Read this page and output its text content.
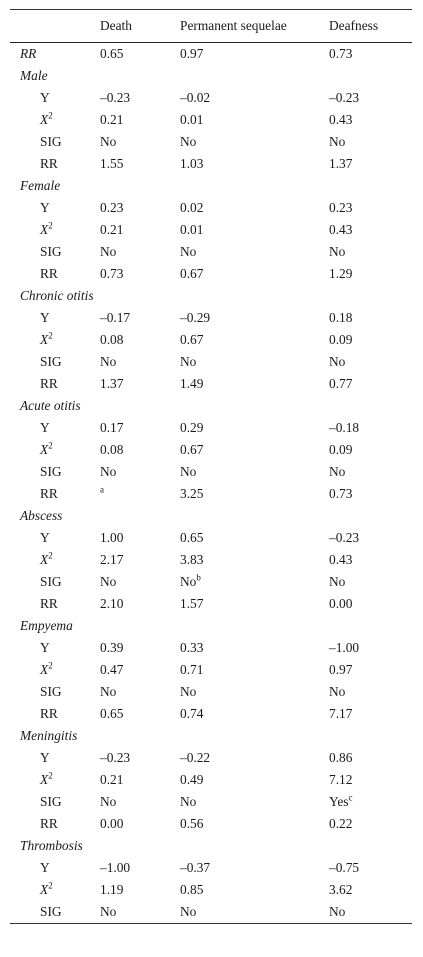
	Death	Permanent sequelae	Deafness
RR	0.65	0.97	0.73
Male			
Y	–0.23	–0.02	–0.23
$X^2$	0.21	0.01	0.43
SIG	No	No	No
RR	1.55	1.03	1.37
Female			
Y	0.23	0.02	0.23
$X^2$	0.21	0.01	0.43
SIG	No	No	No
RR	0.73	0.67	1.29
Chronic otitis			
Y	–0.17	–0.29	0.18
$X^2$	0.08	0.67	0.09
SIG	No	No	No
RR	1.37	1.49	0.77
Acute otitis			
Y	0.17	0.29	–0.18
$X^2$	0.08	0.67	0.09
SIG	No	No	No
RR	$^a$	3.25	0.73
Abscess			
Y	1.00	0.65	–0.23
$X^2$	2.17	3.83	0.43
SIG	No	No$^b$	No
RR	2.10	1.57	0.00
Empyema			
Y	0.39	0.33	–1.00
$X^2$	0.47	0.71	0.97
SIG	No	No	No
RR	0.65	0.74	7.17
Meningitis			
Y	–0.23	–0.22	0.86
$X^2$	0.21	0.49	7.12
SIG	No	No	Yes$^c$
RR	0.00	0.56	0.22
Thrombosis			
Y	–1.00	–0.37	–0.75
$X^2$	1.19	0.85	3.62
SIG	No	No	No
